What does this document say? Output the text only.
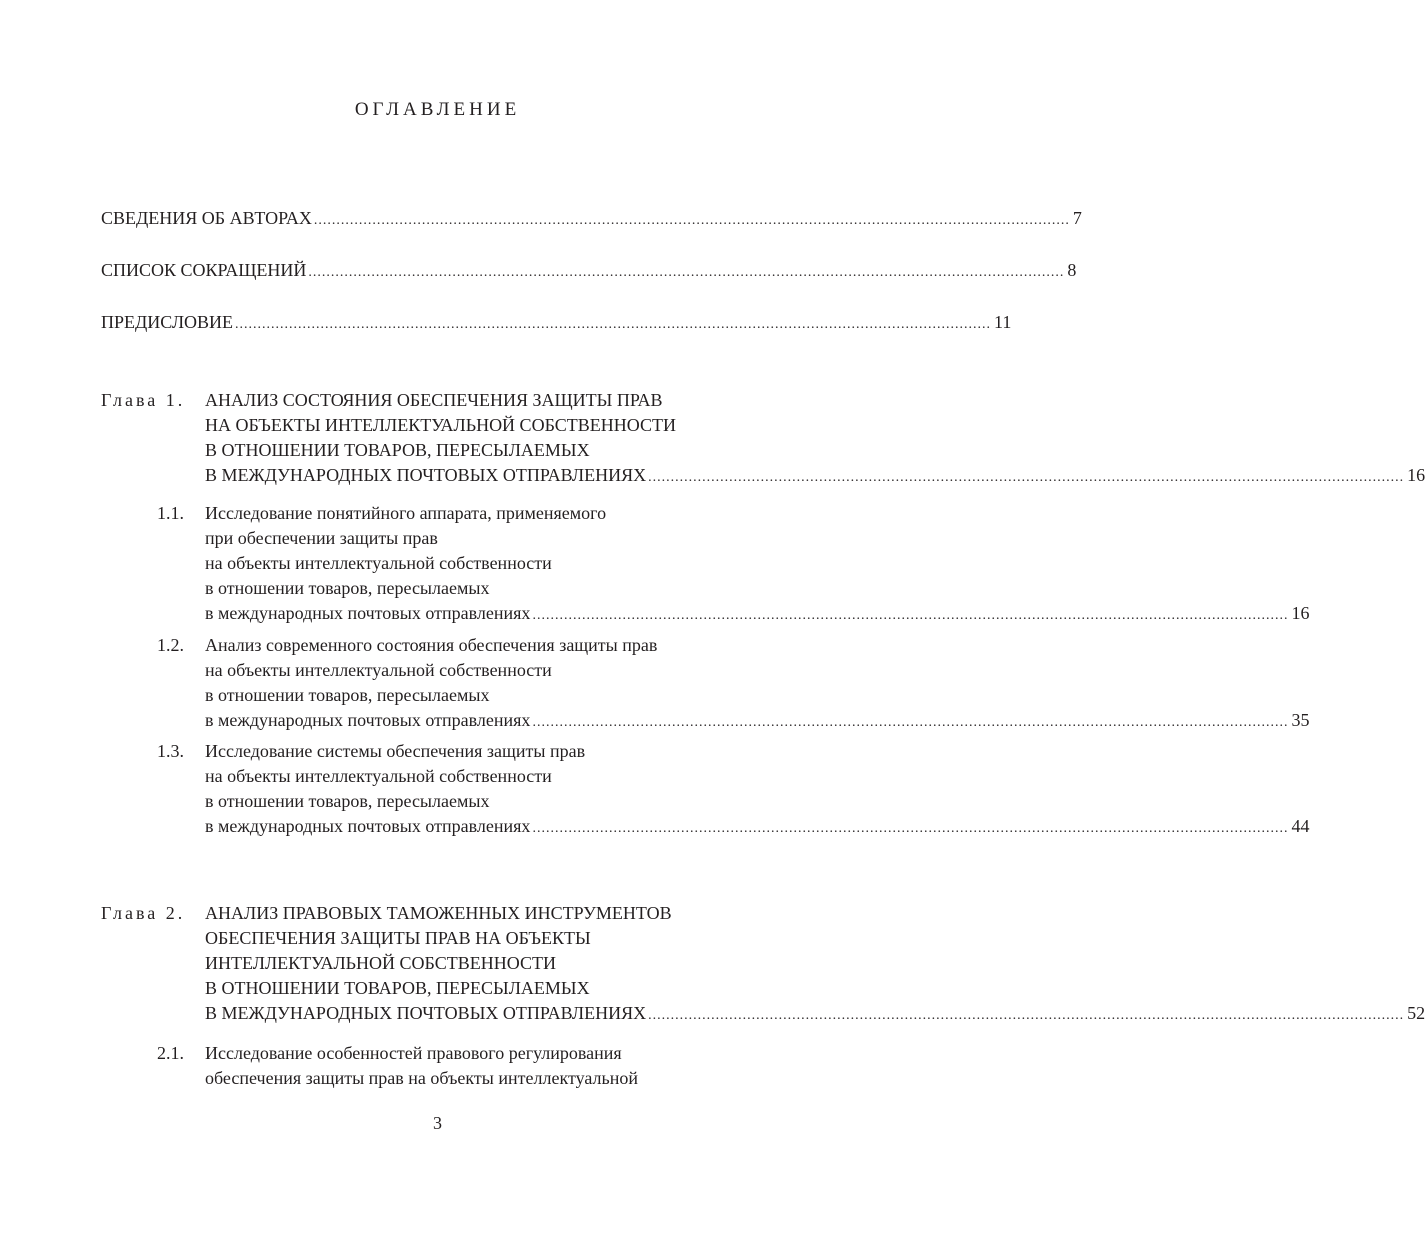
ОГЛАВЛЕНИЕ
СВЕДЕНИЯ ОБ АВТОРАХ ........................................................................................................................................................................ 7
СПИСОК СОКРАЩЕНИЙ ........................................................................................................................................................................ 8
ПРЕДИСЛОВИЕ ........................................................................................................................................................................ 11
Глава 1. АНАЛИЗ СОСТОЯНИЯ ОБЕСПЕЧЕНИЯ ЗАЩИТЫ ПРАВ
НА ОБЪЕКТЫ ИНТЕЛЛЕКТУАЛЬНОЙ СОБСТВЕННОСТИ
В ОТНОШЕНИИ ТОВАРОВ, ПЕРЕСЫЛАЕМЫХ
В МЕЖДУНАРОДНЫХ ПОЧТОВЫХ ОТПРАВЛЕНИЯХ ........................................................................................................................................................................ 16
1.1. Исследование понятийного аппарата, применяемого
при обеспечении защиты прав
на объекты интеллектуальной собственности
в отношении товаров, пересылаемых
в международных почтовых отправлениях ........................................................................................................................................................................ 16
1.2. Анализ современного состояния обеспечения защиты прав
на объекты интеллектуальной собственности
в отношении товаров, пересылаемых
в международных почтовых отправлениях ........................................................................................................................................................................ 35
1.3. Исследование системы обеспечения защиты прав
на объекты интеллектуальной собственности
в отношении товаров, пересылаемых
в международных почтовых отправлениях ........................................................................................................................................................................ 44
Глава 2. АНАЛИЗ ПРАВОВЫХ ТАМОЖЕННЫХ ИНСТРУМЕНТОВ
ОБЕСПЕЧЕНИЯ ЗАЩИТЫ ПРАВ НА ОБЪЕКТЫ
ИНТЕЛЛЕКТУАЛЬНОЙ СОБСТВЕННОСТИ
В ОТНОШЕНИИ ТОВАРОВ, ПЕРЕСЫЛАЕМЫХ
В МЕЖДУНАРОДНЫХ ПОЧТОВЫХ ОТПРАВЛЕНИЯХ ........................................................................................................................................................................ 52
2.1. Исследование особенностей правового регулирования
обеспечения защиты прав на объекты интеллектуальной
3
